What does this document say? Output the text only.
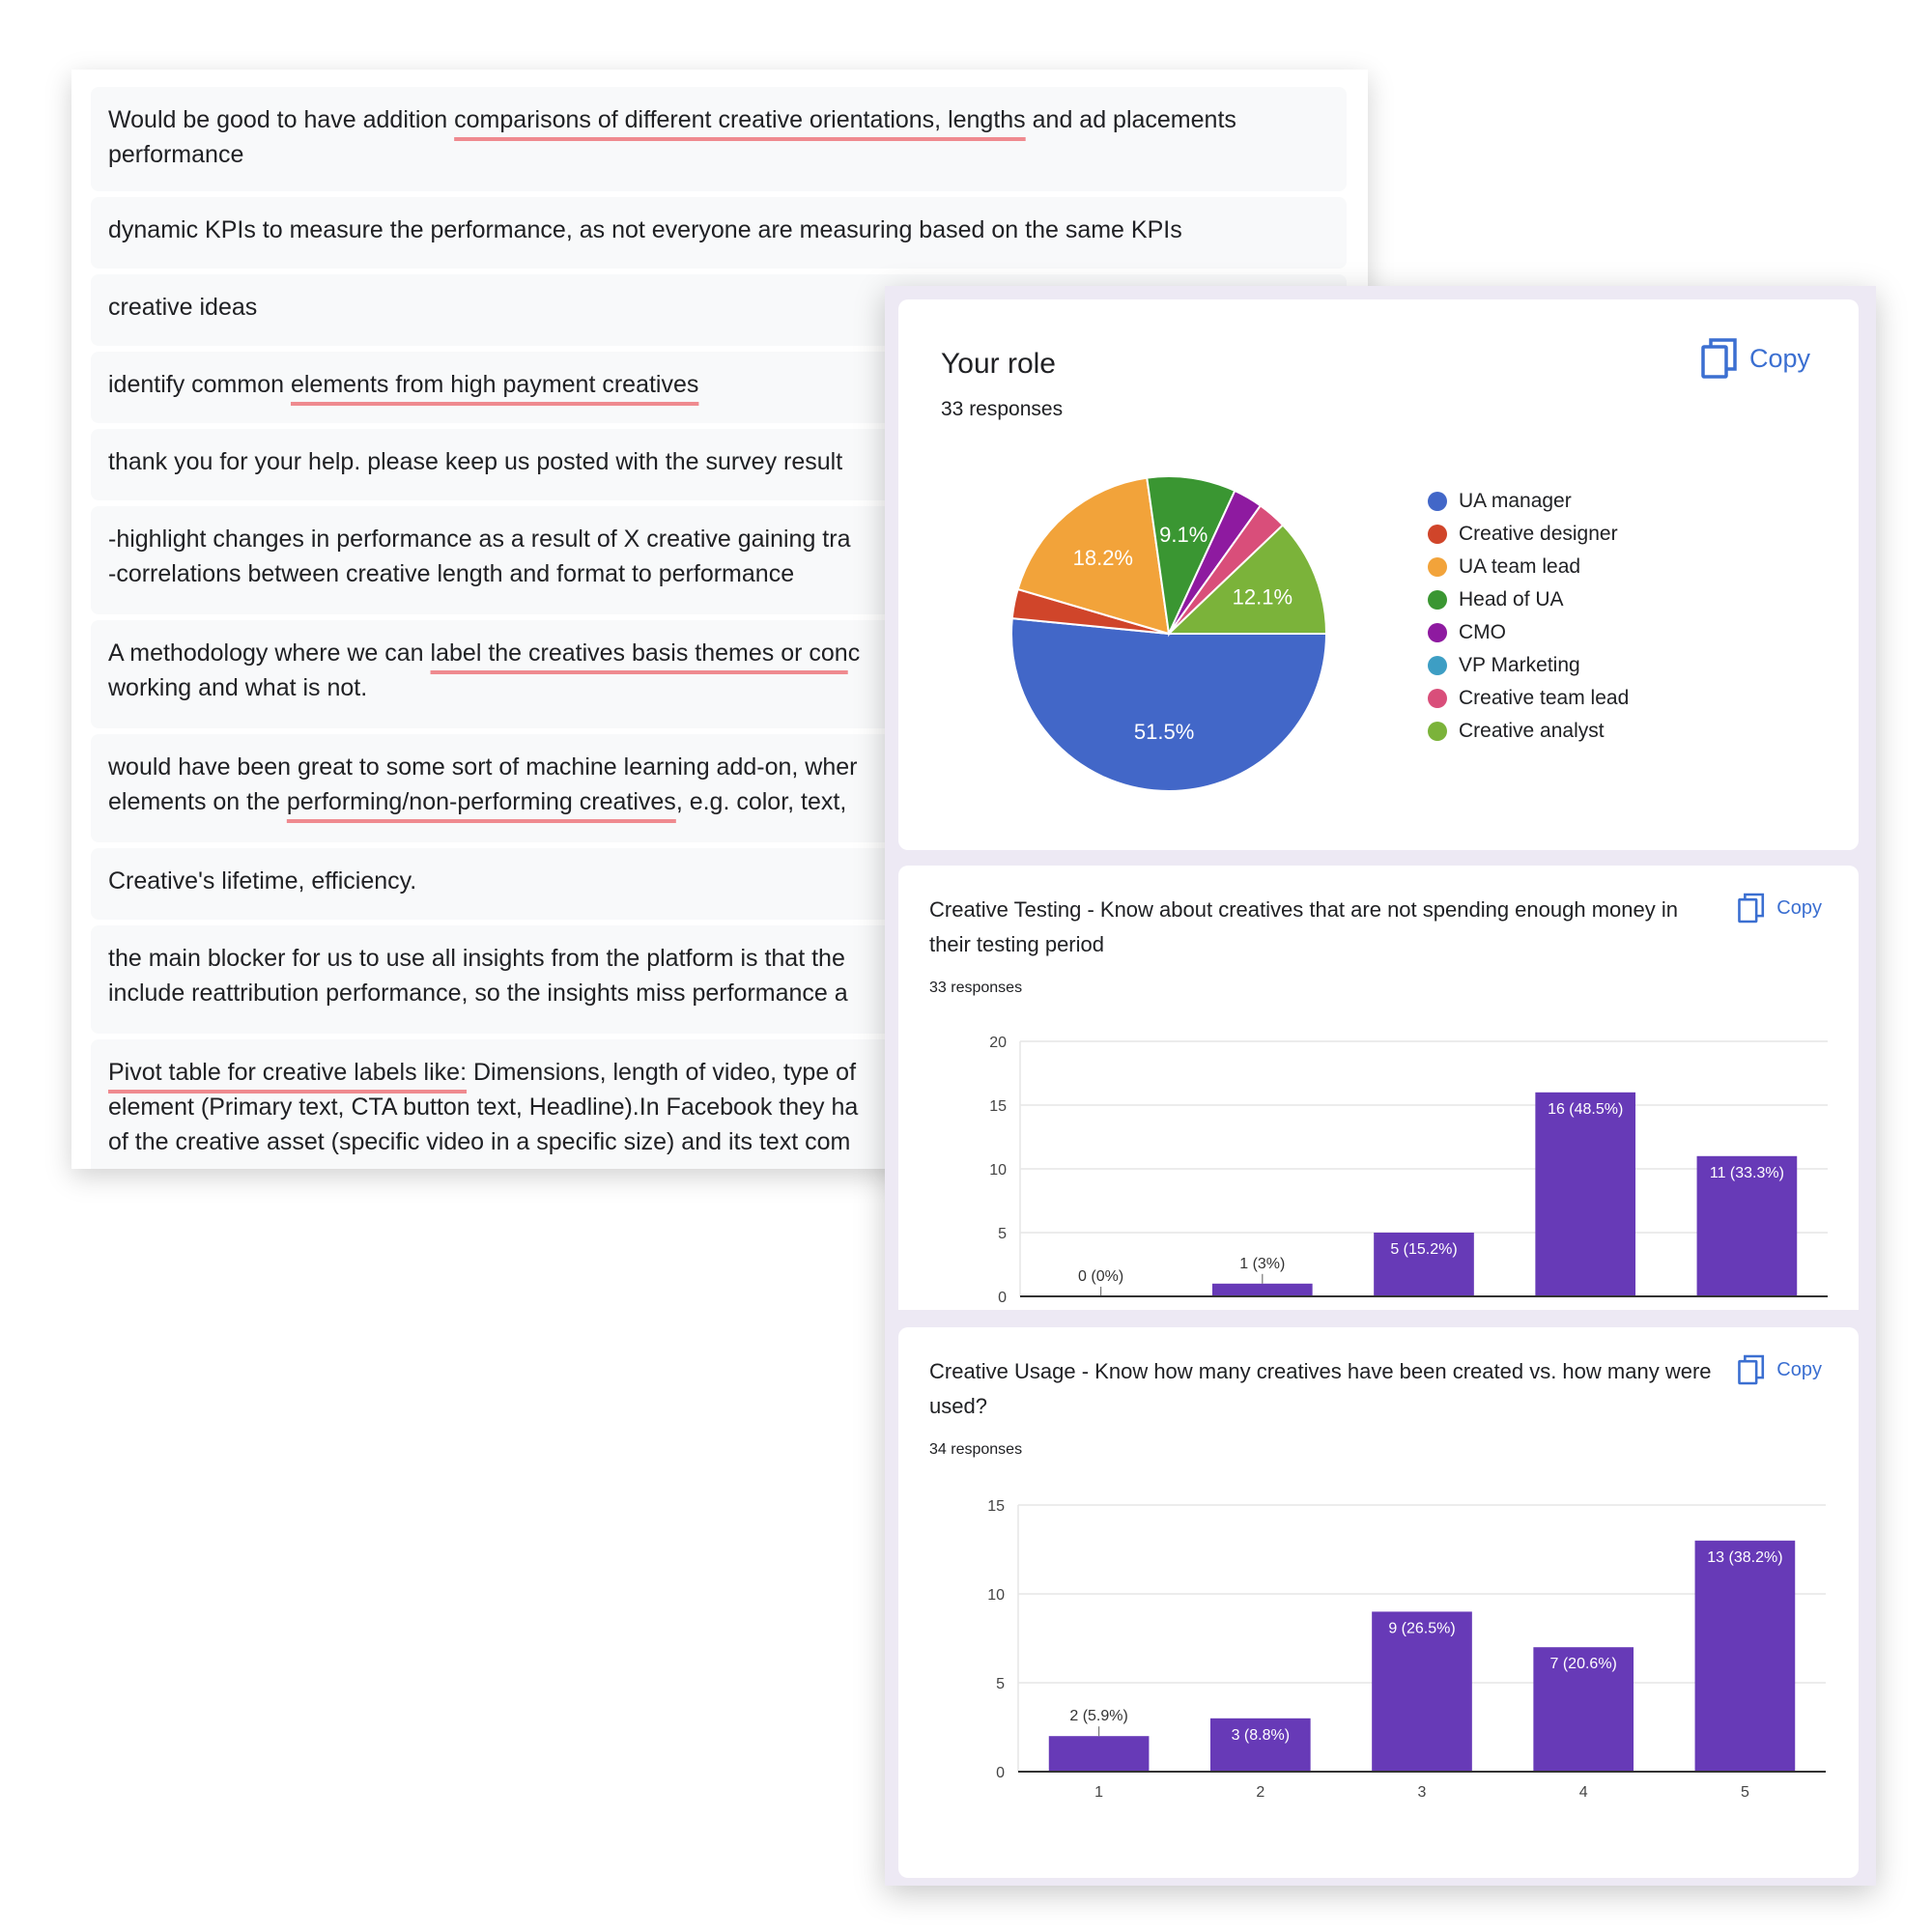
Would be good to have addition comparisons of different creative orientations, lengths and ad placements performance
dynamic KPIs to measure the performance, as not everyone are measuring based on the same KPIs
creative ideas
identify common elements from high payment creatives
thank you for your help. please keep us posted with the survey result
-highlight changes in performance as a result of X creative gaining tra
-correlations between creative length and format to performance
A methodology where we can label the creatives basis themes or conc
working and what is not.
would have been great to some sort of machine learning add-on, wher
elements on the performing/non-performing creatives, e.g. color, text,
Creative's lifetime, efficiency.
the main blocker for us to use all insights from the platform is that the
include reattribution performance, so the insights miss performance a
Pivot table for creative labels like: Dimensions, length of video, type of
element (Primary text, CTA button text, Headline).In Facebook they ha
of the creative asset (specific video in a specific size) and its text com
Your role
33 responses
Copy
51.5%
18.2%
9.1%
12.1%
UA manager
Creative designer
UA team lead
Head of UA
CMO
VP Marketing
Creative team lead
Creative analyst
Creative Testing - Know about creatives that are not spending enough money in their testing period
33 responses
Copy
0
5
10
15
20
0 (0%)
1 (3%)
5 (15.2%)
16 (48.5%)
11 (33.3%)
Creative Usage - Know how many creatives have been created vs. how many were used?
34 responses
Copy
0
5
10
15
2 (5.9%)
1
3 (8.8%)
2
9 (26.5%)
3
7 (20.6%)
4
13 (38.2%)
5
